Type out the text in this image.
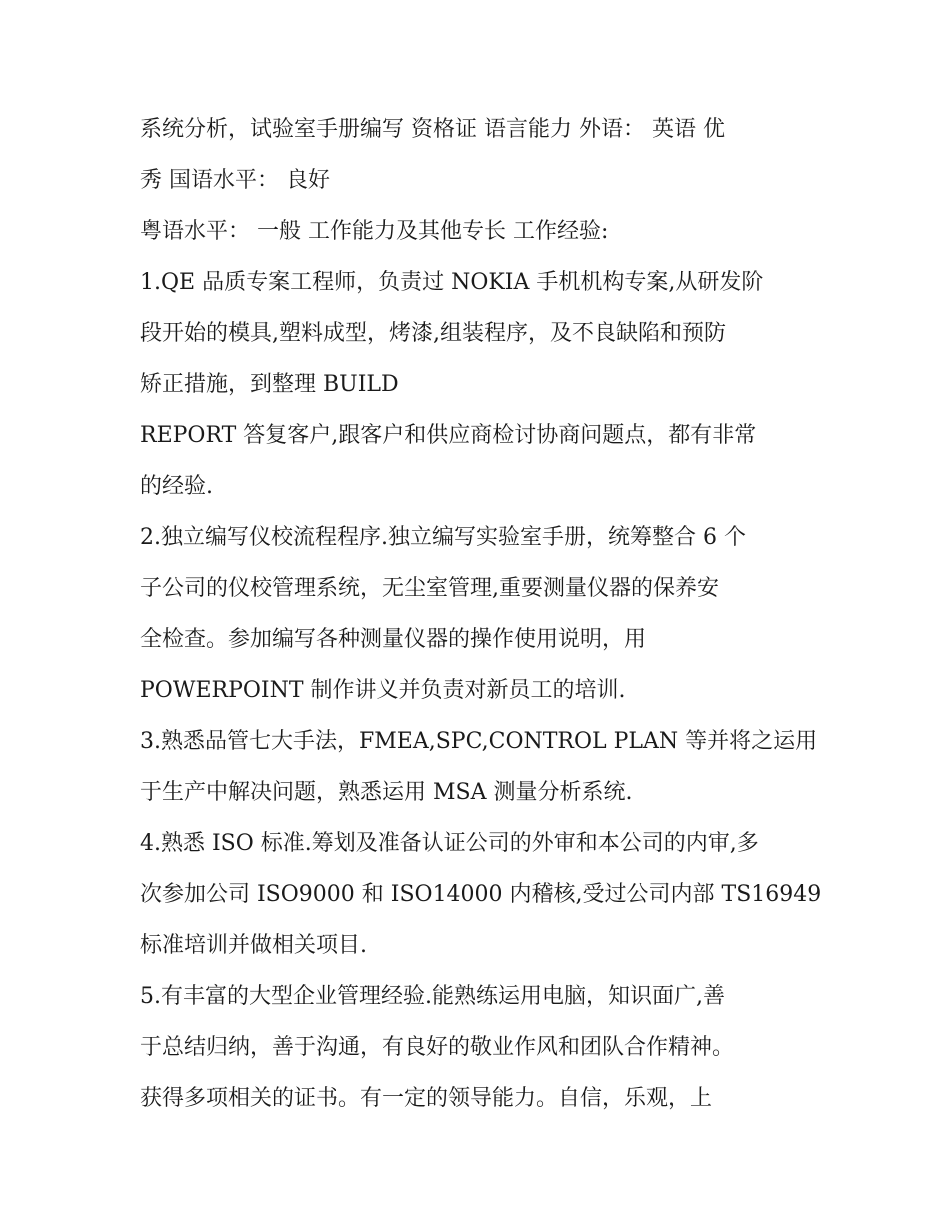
系统分析，试验室手册编写 资格证 语言能力 外语： 英语 优
秀 国语水平： 良好
粤语水平： 一般 工作能力及其他专长 工作经验:
1.QE 品质专案工程师，负责过 NOKIA 手机机构专案,从研发阶
段开始的模具,塑料成型，烤漆,组装程序，及不良缺陷和预防
矫正措施，到整理 BUILD
REPORT 答复客户,跟客户和供应商检讨协商问题点，都有非常
的经验.
2.独立编写仪校流程程序.独立编写实验室手册，统筹整合 6 个
子公司的仪校管理系统，无尘室管理,重要测量仪器的保养安
全检查。参加编写各种测量仪器的操作使用说明，用
POWERPOINT 制作讲义并负责对新员工的培训.
3.熟悉品管七大手法，FMEA,SPC,CONTROL PLAN 等并将之运用
于生产中解决问题，熟悉运用 MSA 测量分析系统.
4.熟悉 ISO 标准.筹划及准备认证公司的外审和本公司的内审,多
次参加公司 ISO9000 和 ISO14000 内稽核,受过公司内部 TS16949
标准培训并做相关项目.
5.有丰富的大型企业管理经验.能熟练运用电脑，知识面广,善
于总结归纳，善于沟通，有良好的敬业作风和团队合作精神。
获得多项相关的证书。有一定的领导能力。自信，乐观，上
